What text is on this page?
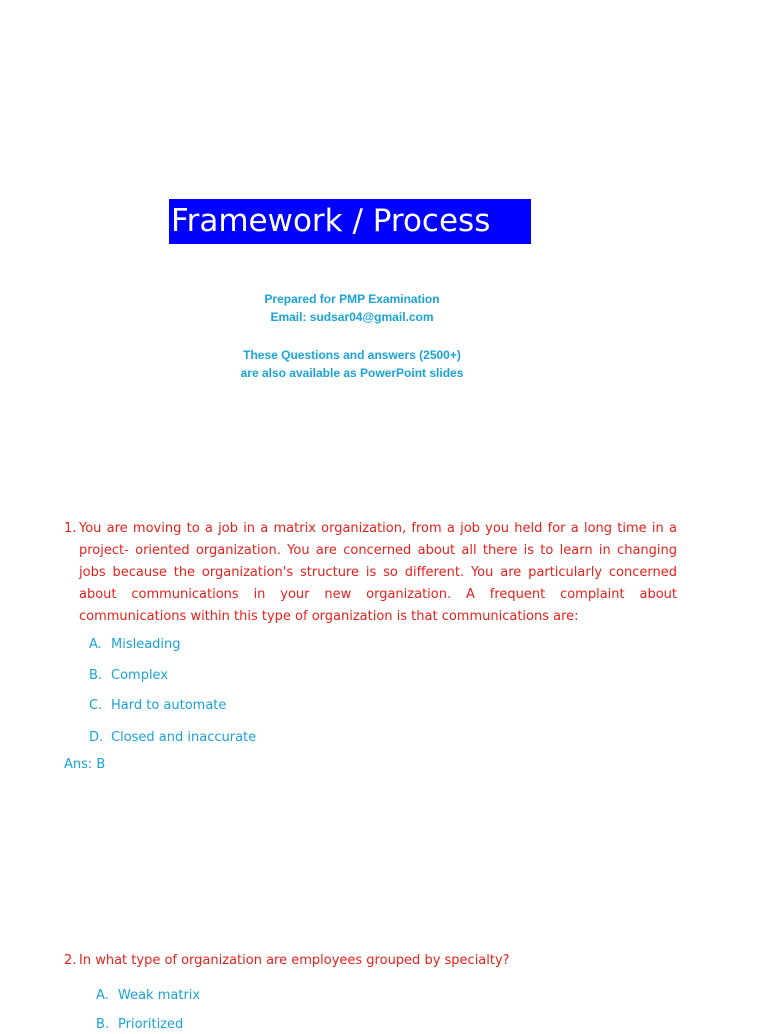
Framework / Process
Prepared for PMP Examination
Email: sudsar04@gmail.com
These Questions and answers (2500+)
are also available as PowerPoint slides
1. You are moving to a job in a matrix organization, from a job you held for a long time in a project- oriented organization. You are concerned about all there is to learn in changing jobs because the organization's structure is so different. You are particularly concerned about communications in your new organization. A frequent complaint about communications within this type of organization is that communications are:
A. Misleading
B. Complex
C. Hard to automate
D. Closed and inaccurate
Ans: B
2. In what type of organization are employees grouped by specialty?
A. Weak matrix
B. Prioritized
